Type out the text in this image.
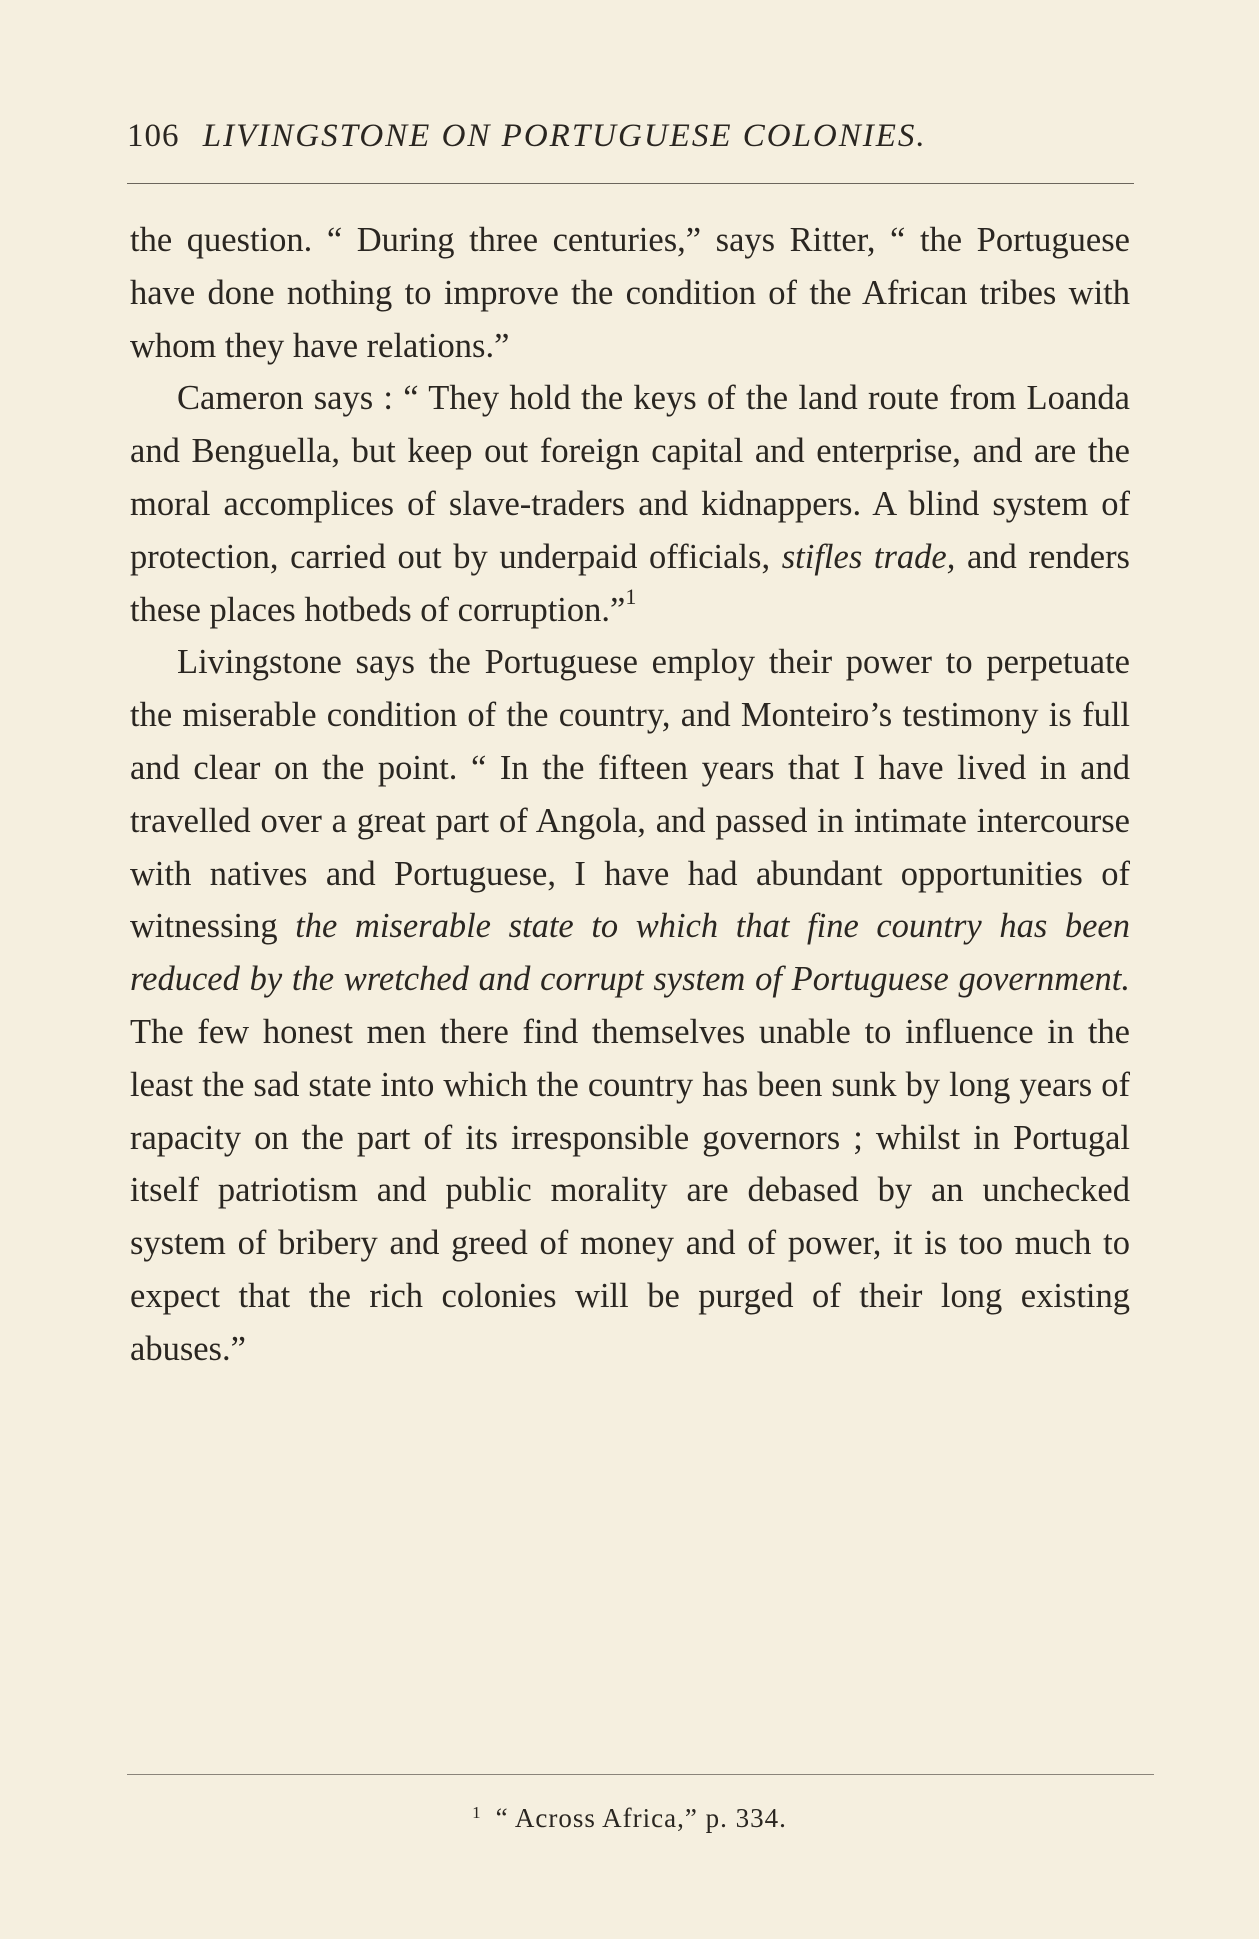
106 LIVINGSTONE ON PORTUGUESE COLONIES.

the question. “ During three centuries,” says Ritter, “ the Portuguese have done nothing to improve the condition of the African tribes with whom they have relations.”

Cameron says : “ They hold the keys of the land route from Loanda and Benguella, but keep out foreign capital and enterprise, and are the moral accomplices of slave-traders and kidnappers. A blind system of protection, carried out by underpaid officials, stifles trade, and renders these places hotbeds of corruption.”$^1$

Livingstone says the Portuguese employ their power to perpetuate the miserable condition of the country, and Monteiro’s testimony is full and clear on the point. “ In the fifteen years that I have lived in and travelled over a great part of Angola, and passed in intimate intercourse with natives and Portuguese, I have had abundant opportunities of witnessing the miserable state to which that fine country has been reduced by the wretched and corrupt system of Portuguese government. The few honest men there find themselves unable to influence in the least the sad state into which the country has been sunk by long years of rapacity on the part of its irresponsible governors ; whilst in Portugal itself patriotism and public morality are debased by an unchecked system of bribery and greed of money and of power, it is too much to expect that the rich colonies will be purged of their long existing abuses.”

$^1$ “ Across Africa,” p. 334.
